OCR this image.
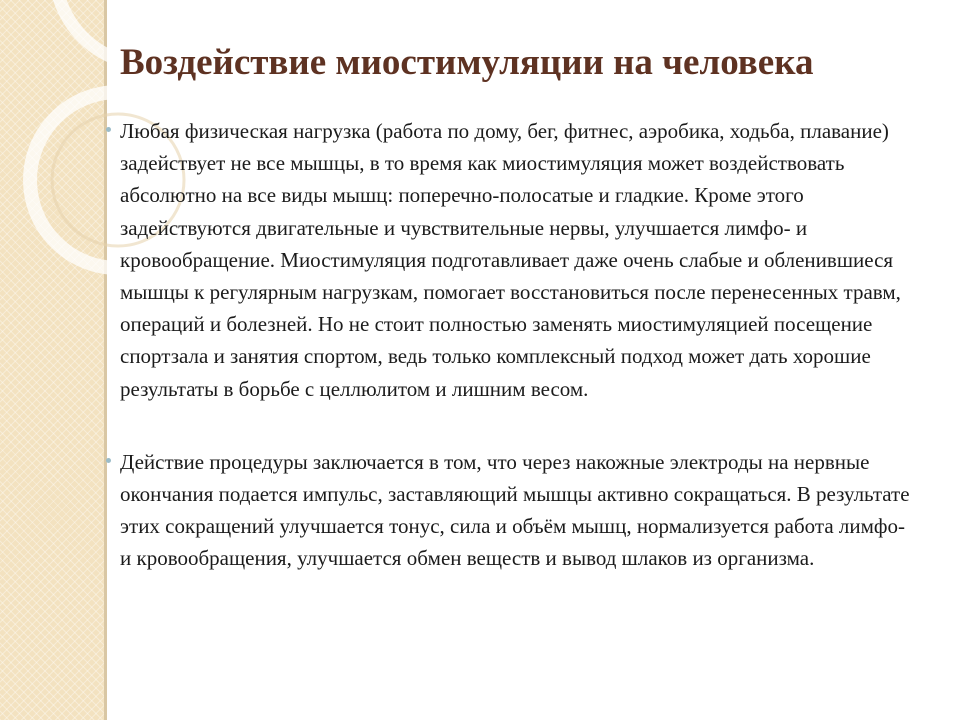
Воздействие миостимуляции на человека

Любая физическая нагрузка (работа по дому, бег, фитнес, аэробика, ходьба, плавание) задействует не все мышцы, в то время как миостимуляция может воздействовать абсолютно на все виды мышц: поперечно-полосатые и гладкие. Кроме этого задействуются двигательные и чувствительные нервы, улучшается лимфо- и кровообращение. Миостимуляция подготавливает даже очень слабые и обленившиеся мышцы к регулярным нагрузкам, помогает восстановиться после перенесенных травм, операций и болезней. Но не стоит полностью заменять миостимуляцией посещение спортзала и занятия спортом, ведь только комплексный подход может дать хорошие результаты в борьбе с целлюлитом и лишним весом.

Действие процедуры заключается в том, что через накожные электроды на нервные окончания подается импульс, заставляющий мышцы активно сокращаться. В результате этих сокращений улучшается тонус, сила и объём мышц, нормализуется работа лимфо- и кровообращения, улучшается обмен веществ и вывод шлаков из организма.
